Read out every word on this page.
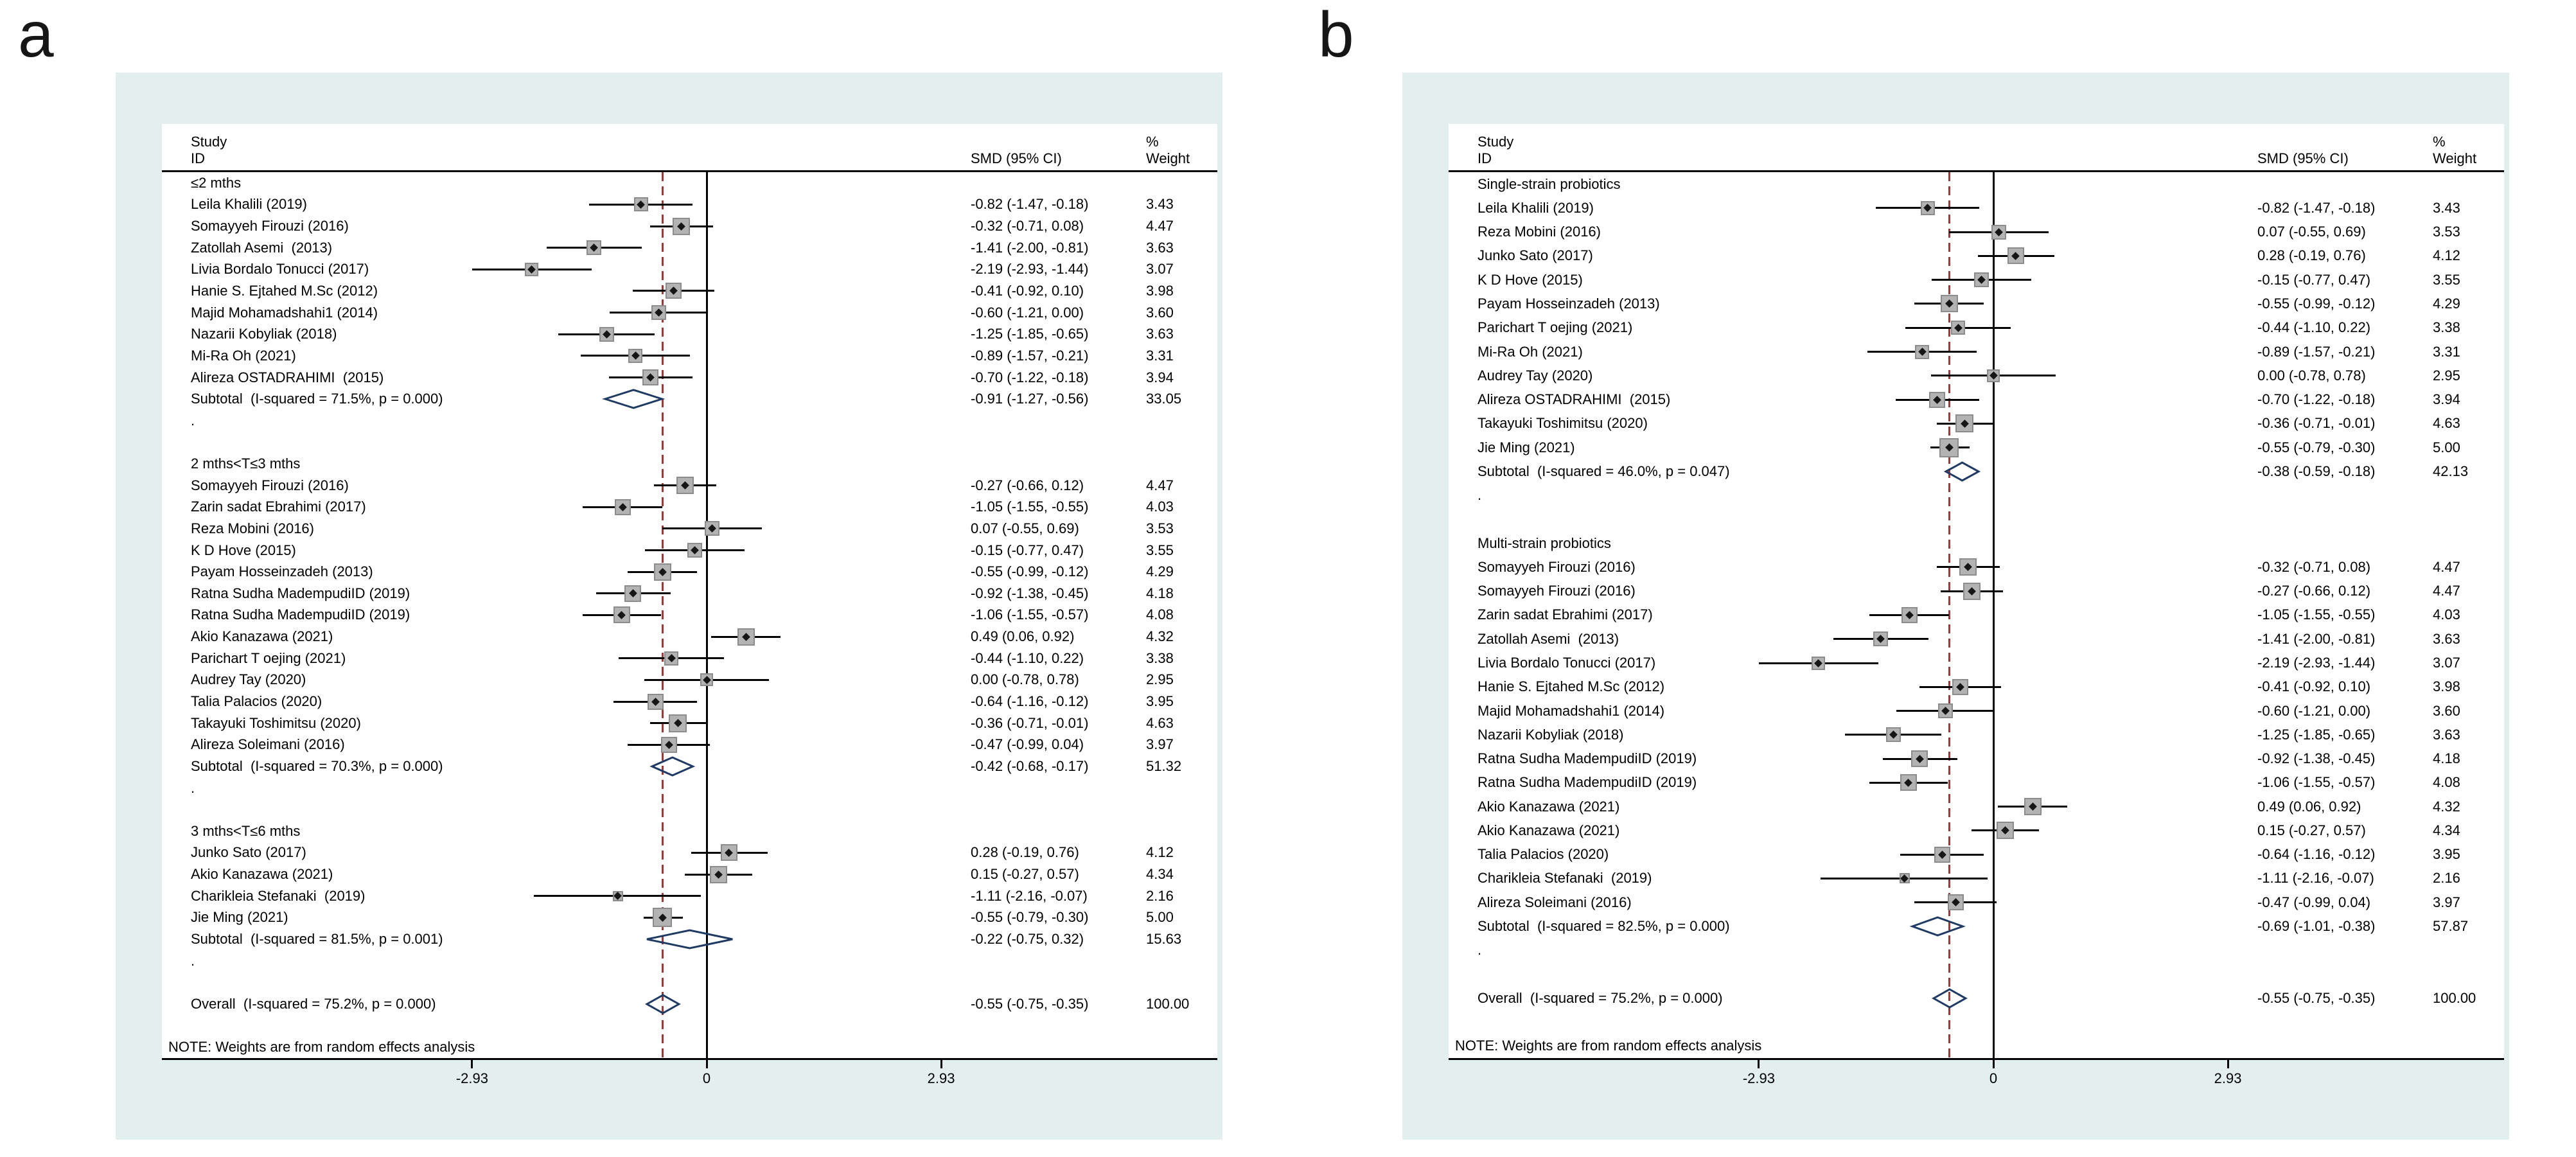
a	b
Study
ID	SMD (95% CI)
%
Weight
≤2 mths
Leila Khalili (2019)	-0.82 (-1.47, -0.18)	3.43
Somayyeh Firouzi (2016)	-0.32 (-0.71, 0.08)	4.47
Zatollah Asemi  (2013)	-1.41 (-2.00, -0.81)	3.63
Livia Bordalo Tonucci (2017)	-2.19 (-2.93, -1.44)	3.07
Hanie S. Ejtahed M.Sc (2012)	-0.41 (-0.92, 0.10)	3.98
Majid Mohamadshahi1 (2014)	-0.60 (-1.21, 0.00)	3.60
Nazarii Kobyliak (2018)	-1.25 (-1.85, -0.65)	3.63
Mi-Ra Oh (2021)	-0.89 (-1.57, -0.21)	3.31
Alireza OSTADRAHIMI  (2015)	-0.70 (-1.22, -0.18)	3.94
Subtotal  (I-squared = 71.5%, p = 0.000)	-0.91 (-1.27, -0.56)	33.05
.
2 mths<T≤3 mths
Somayyeh Firouzi (2016)	-0.27 (-0.66, 0.12)	4.47
Zarin sadat Ebrahimi (2017)	-1.05 (-1.55, -0.55)	4.03
Reza Mobini (2016)	0.07 (-0.55, 0.69)	3.53
K D Hove (2015)	-0.15 (-0.77, 0.47)	3.55
Payam Hosseinzadeh (2013)	-0.55 (-0.99, -0.12)	4.29
Ratna Sudha MadempudiID (2019)	-0.92 (-1.38, -0.45)	4.18
Ratna Sudha MadempudiID (2019)	-1.06 (-1.55, -0.57)	4.08
Akio Kanazawa (2021)	0.49 (0.06, 0.92)	4.32
Parichart T oejing (2021)	-0.44 (-1.10, 0.22)	3.38
Audrey Tay (2020)	0.00 (-0.78, 0.78)	2.95
Talia Palacios (2020)	-0.64 (-1.16, -0.12)	3.95
Takayuki Toshimitsu (2020)	-0.36 (-0.71, -0.01)	4.63
Alireza Soleimani (2016)	-0.47 (-0.99, 0.04)	3.97
Subtotal  (I-squared = 70.3%, p = 0.000)	-0.42 (-0.68, -0.17)	51.32
.
3 mths<T≤6 mths
Junko Sato (2017)	0.28 (-0.19, 0.76)	4.12
Akio Kanazawa (2021)	0.15 (-0.27, 0.57)	4.34
Charikleia Stefanaki  (2019)	-1.11 (-2.16, -0.07)	2.16
Jie Ming (2021)	-0.55 (-0.79, -0.30)	5.00
Subtotal  (I-squared = 81.5%, p = 0.001)	-0.22 (-0.75, 0.32)	15.63
.
Overall  (I-squared = 75.2%, p = 0.000)	-0.55 (-0.75, -0.35)	100.00
NOTE: Weights are from random effects analysis
-2.93	0	2.93
Study
ID	SMD (95% CI)
%
Weight
Single-strain probiotics
Leila Khalili (2019)	-0.82 (-1.47, -0.18)	3.43
Reza Mobini (2016)	0.07 (-0.55, 0.69)	3.53
Junko Sato (2017)	0.28 (-0.19, 0.76)	4.12
K D Hove (2015)	-0.15 (-0.77, 0.47)	3.55
Payam Hosseinzadeh (2013)	-0.55 (-0.99, -0.12)	4.29
Parichart T oejing (2021)	-0.44 (-1.10, 0.22)	3.38
Mi-Ra Oh (2021)	-0.89 (-1.57, -0.21)	3.31
Audrey Tay (2020)	0.00 (-0.78, 0.78)	2.95
Alireza OSTADRAHIMI  (2015)	-0.70 (-1.22, -0.18)	3.94
Takayuki Toshimitsu (2020)	-0.36 (-0.71, -0.01)	4.63
Jie Ming (2021)	-0.55 (-0.79, -0.30)	5.00
Subtotal  (I-squared = 46.0%, p = 0.047)	-0.38 (-0.59, -0.18)	42.13
.
Multi-strain probiotics
Somayyeh Firouzi (2016)	-0.32 (-0.71, 0.08)	4.47
Somayyeh Firouzi (2016)	-0.27 (-0.66, 0.12)	4.47
Zarin sadat Ebrahimi (2017)	-1.05 (-1.55, -0.55)	4.03
Zatollah Asemi  (2013)	-1.41 (-2.00, -0.81)	3.63
Livia Bordalo Tonucci (2017)	-2.19 (-2.93, -1.44)	3.07
Hanie S. Ejtahed M.Sc (2012)	-0.41 (-0.92, 0.10)	3.98
Majid Mohamadshahi1 (2014)	-0.60 (-1.21, 0.00)	3.60
Nazarii Kobyliak (2018)	-1.25 (-1.85, -0.65)	3.63
Ratna Sudha MadempudiID (2019)	-0.92 (-1.38, -0.45)	4.18
Ratna Sudha MadempudiID (2019)	-1.06 (-1.55, -0.57)	4.08
Akio Kanazawa (2021)	0.49 (0.06, 0.92)	4.32
Akio Kanazawa (2021)	0.15 (-0.27, 0.57)	4.34
Talia Palacios (2020)	-0.64 (-1.16, -0.12)	3.95
Charikleia Stefanaki  (2019)	-1.11 (-2.16, -0.07)	2.16
Alireza Soleimani (2016)	-0.47 (-0.99, 0.04)	3.97
Subtotal  (I-squared = 82.5%, p = 0.000)	-0.69 (-1.01, -0.38)	57.87
.
Overall  (I-squared = 75.2%, p = 0.000)	-0.55 (-0.75, -0.35)	100.00
NOTE: Weights are from random effects analysis
-2.93	0	2.93
